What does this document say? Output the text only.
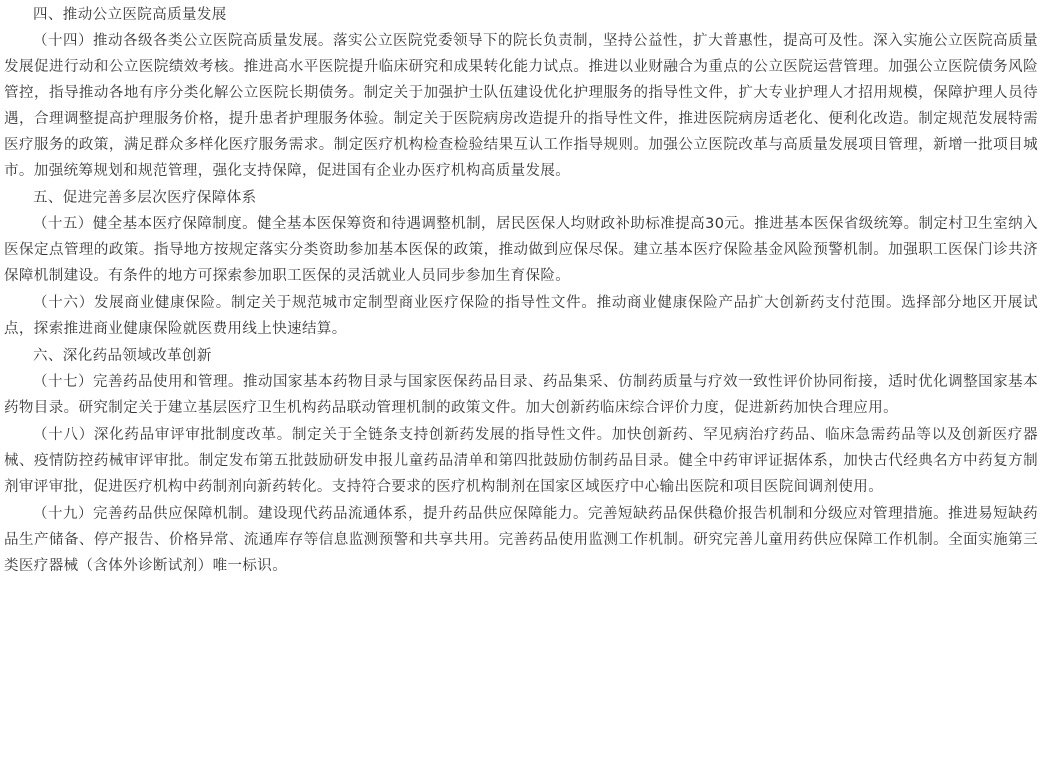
四、推动公立医院高质量发展

（十四）推动各级各类公立医院高质量发展。落实公立医院党委领导下的院长负责制，坚持公益性，扩大普惠性，提高可及性。深入实施公立医院高质量发展促进行动和公立医院绩效考核。推进高水平医院提升临床研究和成果转化能力试点。推进以业财融合为重点的公立医院运营管理。加强公立医院债务风险管控，指导推动各地有序分类化解公立医院长期债务。制定关于加强护士队伍建设优化护理服务的指导性文件，扩大专业护理人才招用规模，保障护理人员待遇，合理调整提高护理服务价格，提升患者护理服务体验。制定关于医院病房改造提升的指导性文件，推进医院病房适老化、便利化改造。制定规范发展特需医疗服务的政策，满足群众多样化医疗服务需求。制定医疗机构检查检验结果互认工作指导规则。加强公立医院改革与高质量发展项目管理，新增一批项目城市。加强统筹规划和规范管理，强化支持保障，促进国有企业办医疗机构高质量发展。

五、促进完善多层次医疗保障体系

（十五）健全基本医疗保障制度。健全基本医保筹资和待遇调整机制，居民医保人均财政补助标准提高30元。推进基本医保省级统筹。制定村卫生室纳入医保定点管理的政策。指导地方按规定落实分类资助参加基本医保的政策，推动做到应保尽保。建立基本医疗保险基金风险预警机制。加强职工医保门诊共济保障机制建设。有条件的地方可探索参加职工医保的灵活就业人员同步参加生育保险。

（十六）发展商业健康保险。制定关于规范城市定制型商业医疗保险的指导性文件。推动商业健康保险产品扩大创新药支付范围。选择部分地区开展试点，探索推进商业健康保险就医费用线上快速结算。

六、深化药品领域改革创新

（十七）完善药品使用和管理。推动国家基本药物目录与国家医保药品目录、药品集采、仿制药质量与疗效一致性评价协同衔接，适时优化调整国家基本药物目录。研究制定关于建立基层医疗卫生机构药品联动管理机制的政策文件。加大创新药临床综合评价力度，促进新药加快合理应用。

（十八）深化药品审评审批制度改革。制定关于全链条支持创新药发展的指导性文件。加快创新药、罕见病治疗药品、临床急需药品等以及创新医疗器械、疫情防控药械审评审批。制定发布第五批鼓励研发申报儿童药品清单和第四批鼓励仿制药品目录。健全中药审评证据体系，加快古代经典名方中药复方制剂审评审批，促进医疗机构中药制剂向新药转化。支持符合要求的医疗机构制剂在国家区域医疗中心输出医院和项目医院间调剂使用。

（十九）完善药品供应保障机制。建设现代药品流通体系，提升药品供应保障能力。完善短缺药品保供稳价报告机制和分级应对管理措施。推进易短缺药品生产储备、停产报告、价格异常、流通库存等信息监测预警和共享共用。完善药品使用监测工作机制。研究完善儿童用药供应保障工作机制。全面实施第三类医疗器械（含体外诊断试剂）唯一标识。
